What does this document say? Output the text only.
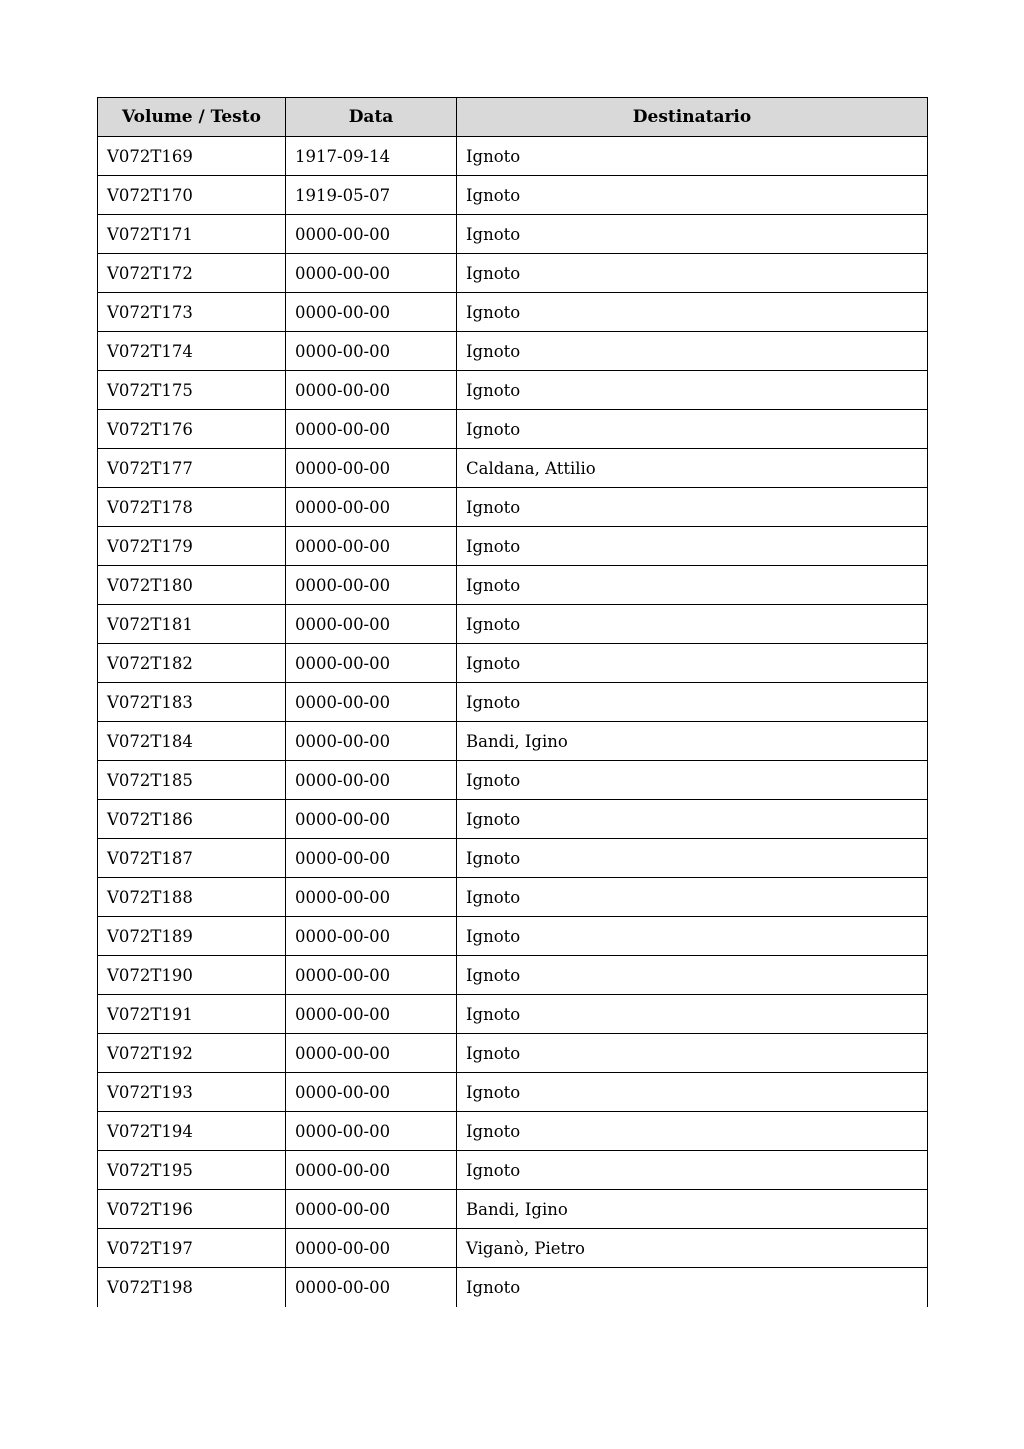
Volume / Testo	Data	Destinatario
V072T169	1917-09-14	Ignoto
V072T170	1919-05-07	Ignoto
V072T171	0000-00-00	Ignoto
V072T172	0000-00-00	Ignoto
V072T173	0000-00-00	Ignoto
V072T174	0000-00-00	Ignoto
V072T175	0000-00-00	Ignoto
V072T176	0000-00-00	Ignoto
V072T177	0000-00-00	Caldana, Attilio
V072T178	0000-00-00	Ignoto
V072T179	0000-00-00	Ignoto
V072T180	0000-00-00	Ignoto
V072T181	0000-00-00	Ignoto
V072T182	0000-00-00	Ignoto
V072T183	0000-00-00	Ignoto
V072T184	0000-00-00	Bandi, Igino
V072T185	0000-00-00	Ignoto
V072T186	0000-00-00	Ignoto
V072T187	0000-00-00	Ignoto
V072T188	0000-00-00	Ignoto
V072T189	0000-00-00	Ignoto
V072T190	0000-00-00	Ignoto
V072T191	0000-00-00	Ignoto
V072T192	0000-00-00	Ignoto
V072T193	0000-00-00	Ignoto
V072T194	0000-00-00	Ignoto
V072T195	0000-00-00	Ignoto
V072T196	0000-00-00	Bandi, Igino
V072T197	0000-00-00	Viganò, Pietro
V072T198	0000-00-00	Ignoto
